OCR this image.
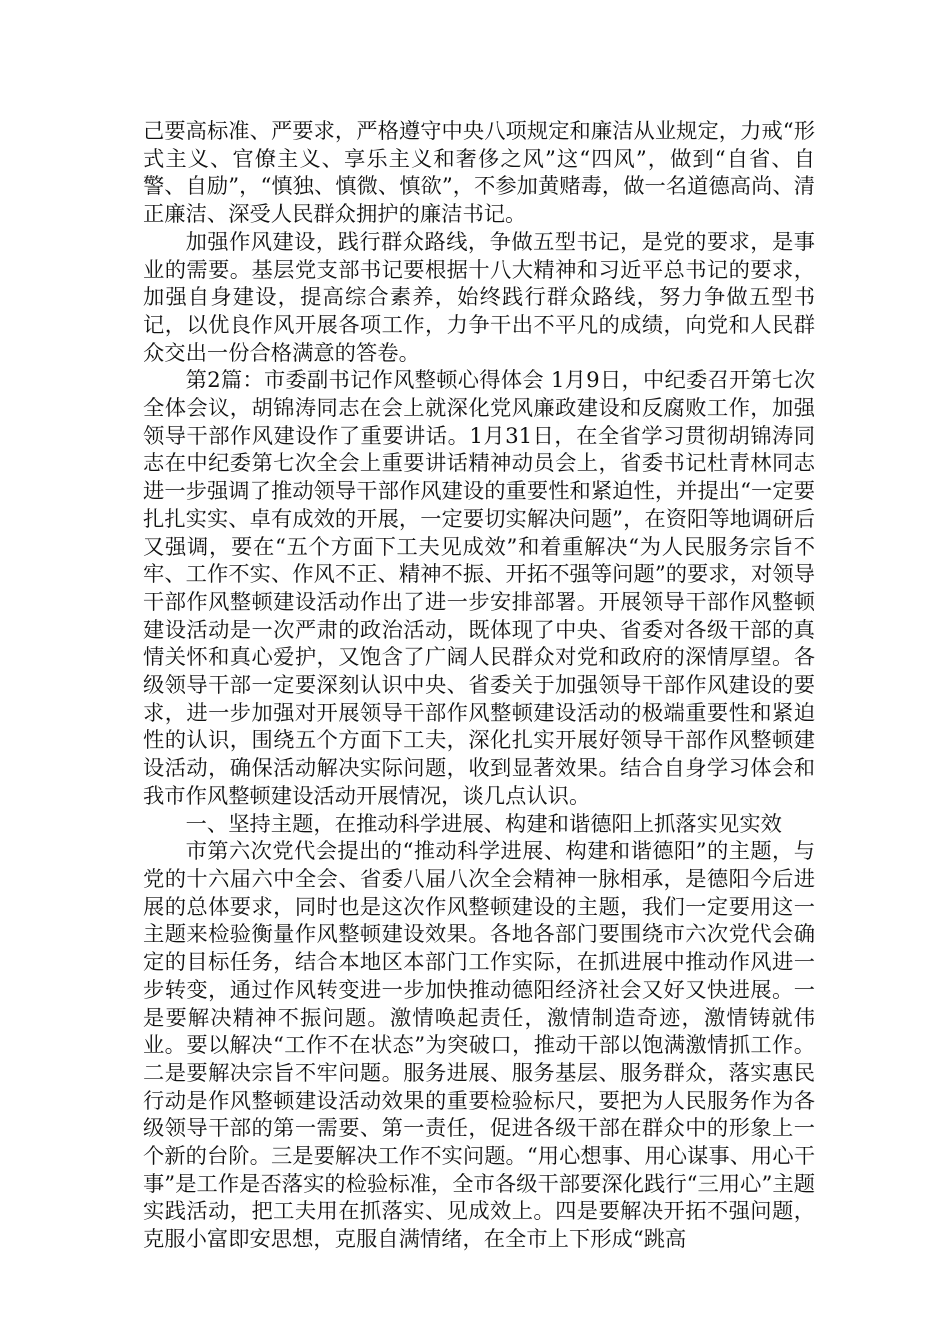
己要高标准、严要求，严格遵守中央八项规定和廉洁从业规定，力戒“形式主义、官僚主义、享乐主义和奢侈之风”这“四风”，做到“自省、自警、自励”，“慎独、慎微、慎欲”，不参加黄赌毒，做一名道德高尚、清正廉洁、深受人民群众拥护的廉洁书记。

加强作风建设，践行群众路线，争做五型书记，是党的要求，是事业的需要。基层党支部书记要根据十八大精神和习近平总书记的要求，加强自身建设，提高综合素养，始终践行群众路线，努力争做五型书记，以优良作风开展各项工作，力争干出不平凡的成绩，向党和人民群众交出一份合格满意的答卷。

第2篇：市委副书记作风整顿心得体会 1月9日，中纪委召开第七次全体会议，胡锦涛同志在会上就深化党风廉政建设和反腐败工作，加强领导干部作风建设作了重要讲话。1月31日，在全省学习贯彻胡锦涛同志在中纪委第七次全会上重要讲话精神动员会上，省委书记杜青林同志进一步强调了推动领导干部作风建设的重要性和紧迫性，并提出“一定要扎扎实实、卓有成效的开展，一定要切实解决问题”，在资阳等地调研后又强调，要在“五个方面下工夫见成效”和着重解决“为人民服务宗旨不牢、工作不实、作风不正、精神不振、开拓不强等问题”的要求，对领导干部作风整顿建设活动作出了进一步安排部署。开展领导干部作风整顿建设活动是一次严肃的政治活动，既体现了中央、省委对各级干部的真情关怀和真心爱护，又饱含了广阔人民群众对党和政府的深情厚望。各级领导干部一定要深刻认识中央、省委关于加强领导干部作风建设的要求，进一步加强对开展领导干部作风整顿建设活动的极端重要性和紧迫性的认识，围绕五个方面下工夫，深化扎实开展好领导干部作风整顿建设活动，确保活动解决实际问题，收到显著效果。结合自身学习体会和我市作风整顿建设活动开展情况，谈几点认识。

一、坚持主题，在推动科学进展、构建和谐德阳上抓落实见实效

市第六次党代会提出的“推动科学进展、构建和谐德阳”的主题，与党的十六届六中全会、省委八届八次全会精神一脉相承，是德阳今后进展的总体要求，同时也是这次作风整顿建设的主题，我们一定要用这一主题来检验衡量作风整顿建设效果。各地各部门要围绕市六次党代会确定的目标任务，结合本地区本部门工作实际，在抓进展中推动作风进一步转变，通过作风转变进一步加快推动德阳经济社会又好又快进展。一是要解决精神不振问题。激情唤起责任，激情制造奇迹，激情铸就伟业。要以解决“工作不在状态”为突破口，推动干部以饱满激情抓工作。二是要解决宗旨不牢问题。服务进展、服务基层、服务群众，落实惠民行动是作风整顿建设活动效果的重要检验标尺，要把为人民服务作为各级领导干部的第一需要、第一责任，促进各级干部在群众中的形象上一个新的台阶。三是要解决工作不实问题。“用心想事、用心谋事、用心干事”是工作是否落实的检验标准，全市各级干部要深化践行“三用心”主题实践活动，把工夫用在抓落实、见成效上。四是要解决开拓不强问题，克服小富即安思想，克服自满情绪，在全市上下形成“跳高
